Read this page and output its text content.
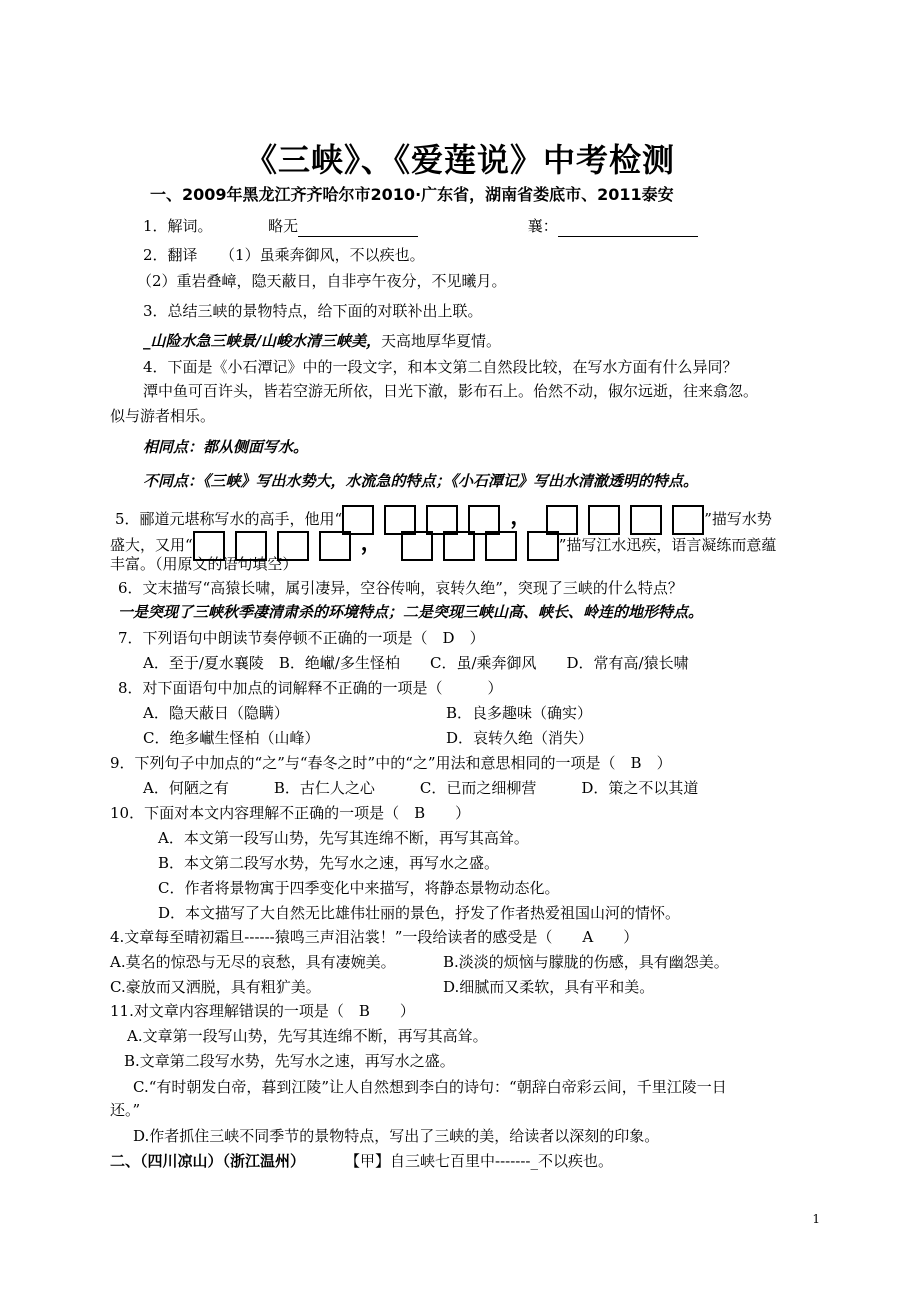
《三峡》、《爱莲说》中考检测
一、2009年黑龙江齐齐哈尔市2010·广东省，湖南省娄底市、2011泰安
1．解词。	略无	襄：
2．翻译　　（1）虽乘奔御风，不以疾也。
（2）重岩叠嶂，隐天蔽日，自非亭午夜分，不见曦月。
3．总结三峡的景物特点，给下面的对联补出上联。
_山险水急三峡景/山峻水清三峡美，天高地厚华夏情。
4．下面是《小石潭记》中的一段文字，和本文第二自然段比较，在写水方面有什么异同？
潭中鱼可百许头，皆若空游无所依，日光下澈，影布石上。佁然不动，俶尔远逝，往来翕忽。
似与游者相乐。
相同点：都从侧面写水。
不同点：《三峡》写出水势大，水流急的特点；《小石潭记》写出水清澈透明的特点。
5．郦道元堪称写水的高手，他用“	，	”描写水势
盛大，又用“	，	”描写江水迅疾，语言凝练而意蕴
丰富。（用原文的语句填空）
6．文末描写“高猿长啸，属引凄异，空谷传响，哀转久绝”，突现了三峡的什么特点？
一是突现了三峡秋季凄清肃杀的环境特点；二是突现三峡山高、峡长、岭连的地形特点。
7．下列语句中朗读节奏停顿不正确的一项是（　D　）
A．至于/夏水襄陵　B．绝𪩘/多生怪柏　　C．虽/乘奔御风　　D．常有高/猿长啸
8．对下面语句中加点的词解释不正确的一项是（　　　）
A．隐天蔽日（隐瞒）	B．良多趣味（确实）
C．绝多𪩘生怪柏（山峰）	D．哀转久绝（消失）
9．下列句子中加点的“之”与“春冬之时”中的“之”用法和意思相同的一项是（　B　）
A．何陋之有　　　B．古仁人之心　　　C．已而之细柳营　　　D．策之不以其道
10．下面对本文内容理解不正确的一项是（　B　　）
A．本文第一段写山势，先写其连绵不断，再写其高耸。
B．本文第二段写水势，先写水之速，再写水之盛。
C．作者将景物寓于四季变化中来描写，将静态景物动态化。
D．本文描写了大自然无比雄伟壮丽的景色，抒发了作者热爱祖国山河的情怀。
4.文章每至晴初霜旦------猿鸣三声泪沾裳！”一段给读者的感受是（　　A　　）
A.莫名的惊恐与无尽的哀愁，具有凄婉美。	B.淡淡的烦恼与朦胧的伤感，具有幽怨美。
C.豪放而又洒脱，具有粗犷美。	D.细腻而又柔软，具有平和美。
11.对文章内容理解错误的一项是（　B　　）
A.文章第一段写山势，先写其连绵不断，再写其高耸。
B.文章第二段写水势，先写水之速，再写水之盛。
C.“有时朝发白帝，暮到江陵”让人自然想到李白的诗句：“朝辞白帝彩云间，千里江陵一日
还。”
D.作者抓住三峡不同季节的景物特点，写出了三峡的美，给读者以深刻的印象。
二、（四川凉山）（浙江温州）	【甲】自三峡七百里中-------_不以疾也。
1
